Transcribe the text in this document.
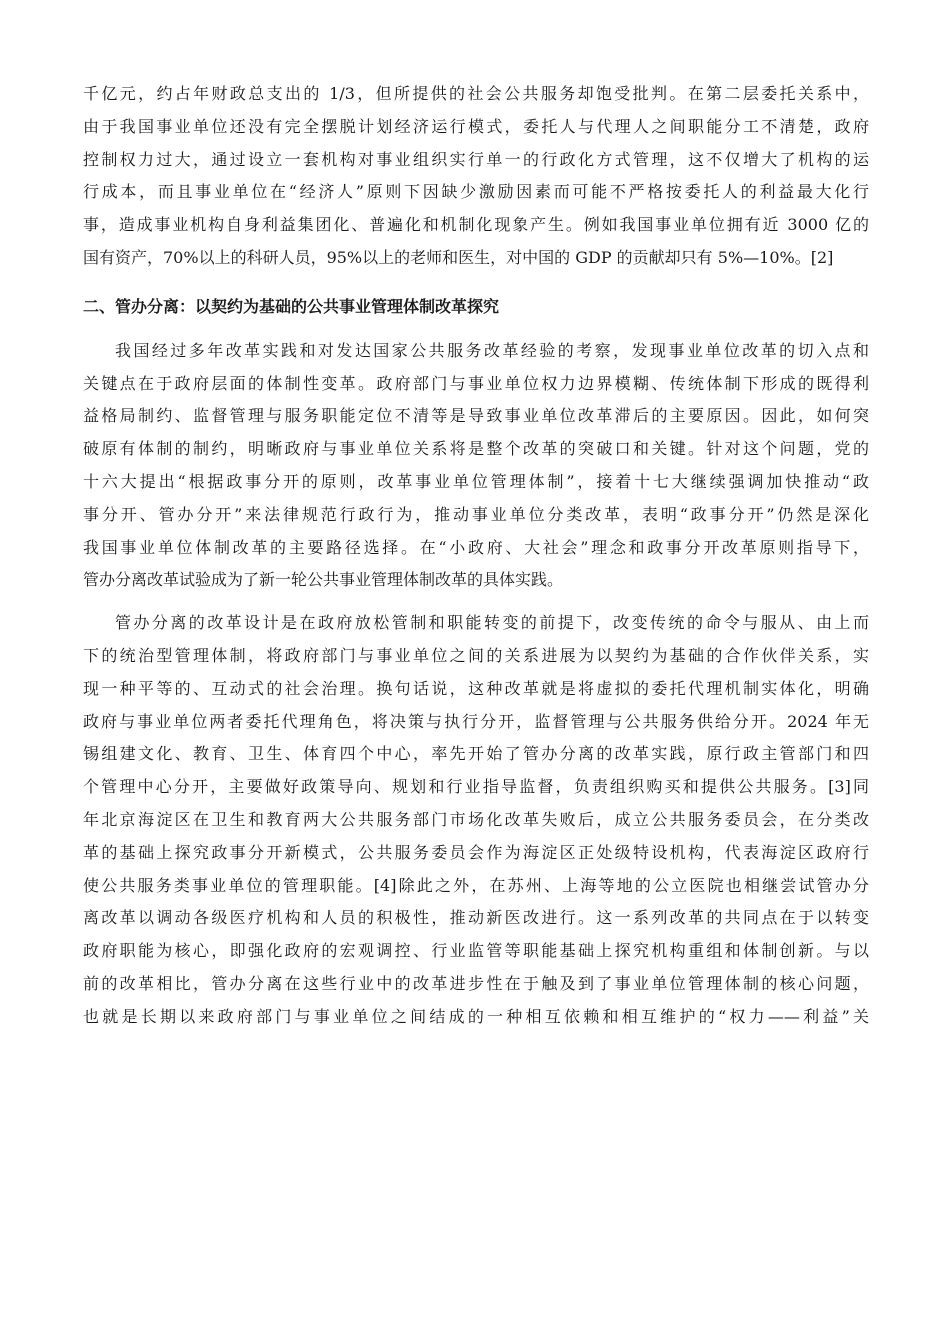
千亿元，约占年财政总支出的 1/3，但所提供的社会公共服务却饱受批判。在第二层委托关系中，
由于我国事业单位还没有完全摆脱计划经济运行模式，委托人与代理人之间职能分工不清楚，政府
控制权力过大，通过设立一套机构对事业组织实行单一的行政化方式管理，这不仅增大了机构的运
行成本，而且事业单位在“经济人”原则下因缺少激励因素而可能不严格按委托人的利益最大化行
事，造成事业机构自身利益集团化、普遍化和机制化现象产生。例如我国事业单位拥有近 3000 亿的
国有资产，70%以上的科研人员，95%以上的老师和医生，对中国的 GDP 的贡献却只有 5%—10%。[2]
二、管办分离：以契约为基础的公共事业管理体制改革探究
我国经过多年改革实践和对发达国家公共服务改革经验的考察，发现事业单位改革的切入点和
关键点在于政府层面的体制性变革。政府部门与事业单位权力边界模糊、传统体制下形成的既得利
益格局制约、监督管理与服务职能定位不清等是导致事业单位改革滞后的主要原因。因此，如何突
破原有体制的制约，明晰政府与事业单位关系将是整个改革的突破口和关键。针对这个问题，党的
十六大提出“根据政事分开的原则，改革事业单位管理体制”，接着十七大继续强调加快推动“政
事分开、管办分开”来法律规范行政行为，推动事业单位分类改革，表明“政事分开”仍然是深化
我国事业单位体制改革的主要路径选择。在“小政府、大社会”理念和政事分开改革原则指导下，
管办分离改革试验成为了新一轮公共事业管理体制改革的具体实践。
管办分离的改革设计是在政府放松管制和职能转变的前提下，改变传统的命令与服从、由上而
下的统治型管理体制，将政府部门与事业单位之间的关系进展为以契约为基础的合作伙伴关系，实
现一种平等的、互动式的社会治理。换句话说，这种改革就是将虚拟的委托代理机制实体化，明确
政府与事业单位两者委托代理角色，将决策与执行分开，监督管理与公共服务供给分开。2024 年无
锡组建文化、教育、卫生、体育四个中心，率先开始了管办分离的改革实践，原行政主管部门和四
个管理中心分开，主要做好政策导向、规划和行业指导监督，负责组织购买和提供公共服务。[3]同
年北京海淀区在卫生和教育两大公共服务部门市场化改革失败后，成立公共服务委员会，在分类改
革的基础上探究政事分开新模式，公共服务委员会作为海淀区正处级特设机构，代表海淀区政府行
使公共服务类事业单位的管理职能。[4]除此之外，在苏州、上海等地的公立医院也相继尝试管办分
离改革以调动各级医疗机构和人员的积极性，推动新医改进行。这一系列改革的共同点在于以转变
政府职能为核心，即强化政府的宏观调控、行业监管等职能基础上探究机构重组和体制创新。与以
前的改革相比，管办分离在这些行业中的改革进步性在于触及到了事业单位管理体制的核心问题，
也就是长期以来政府部门与事业单位之间结成的一种相互依赖和相互维护的“权力——利益”关
